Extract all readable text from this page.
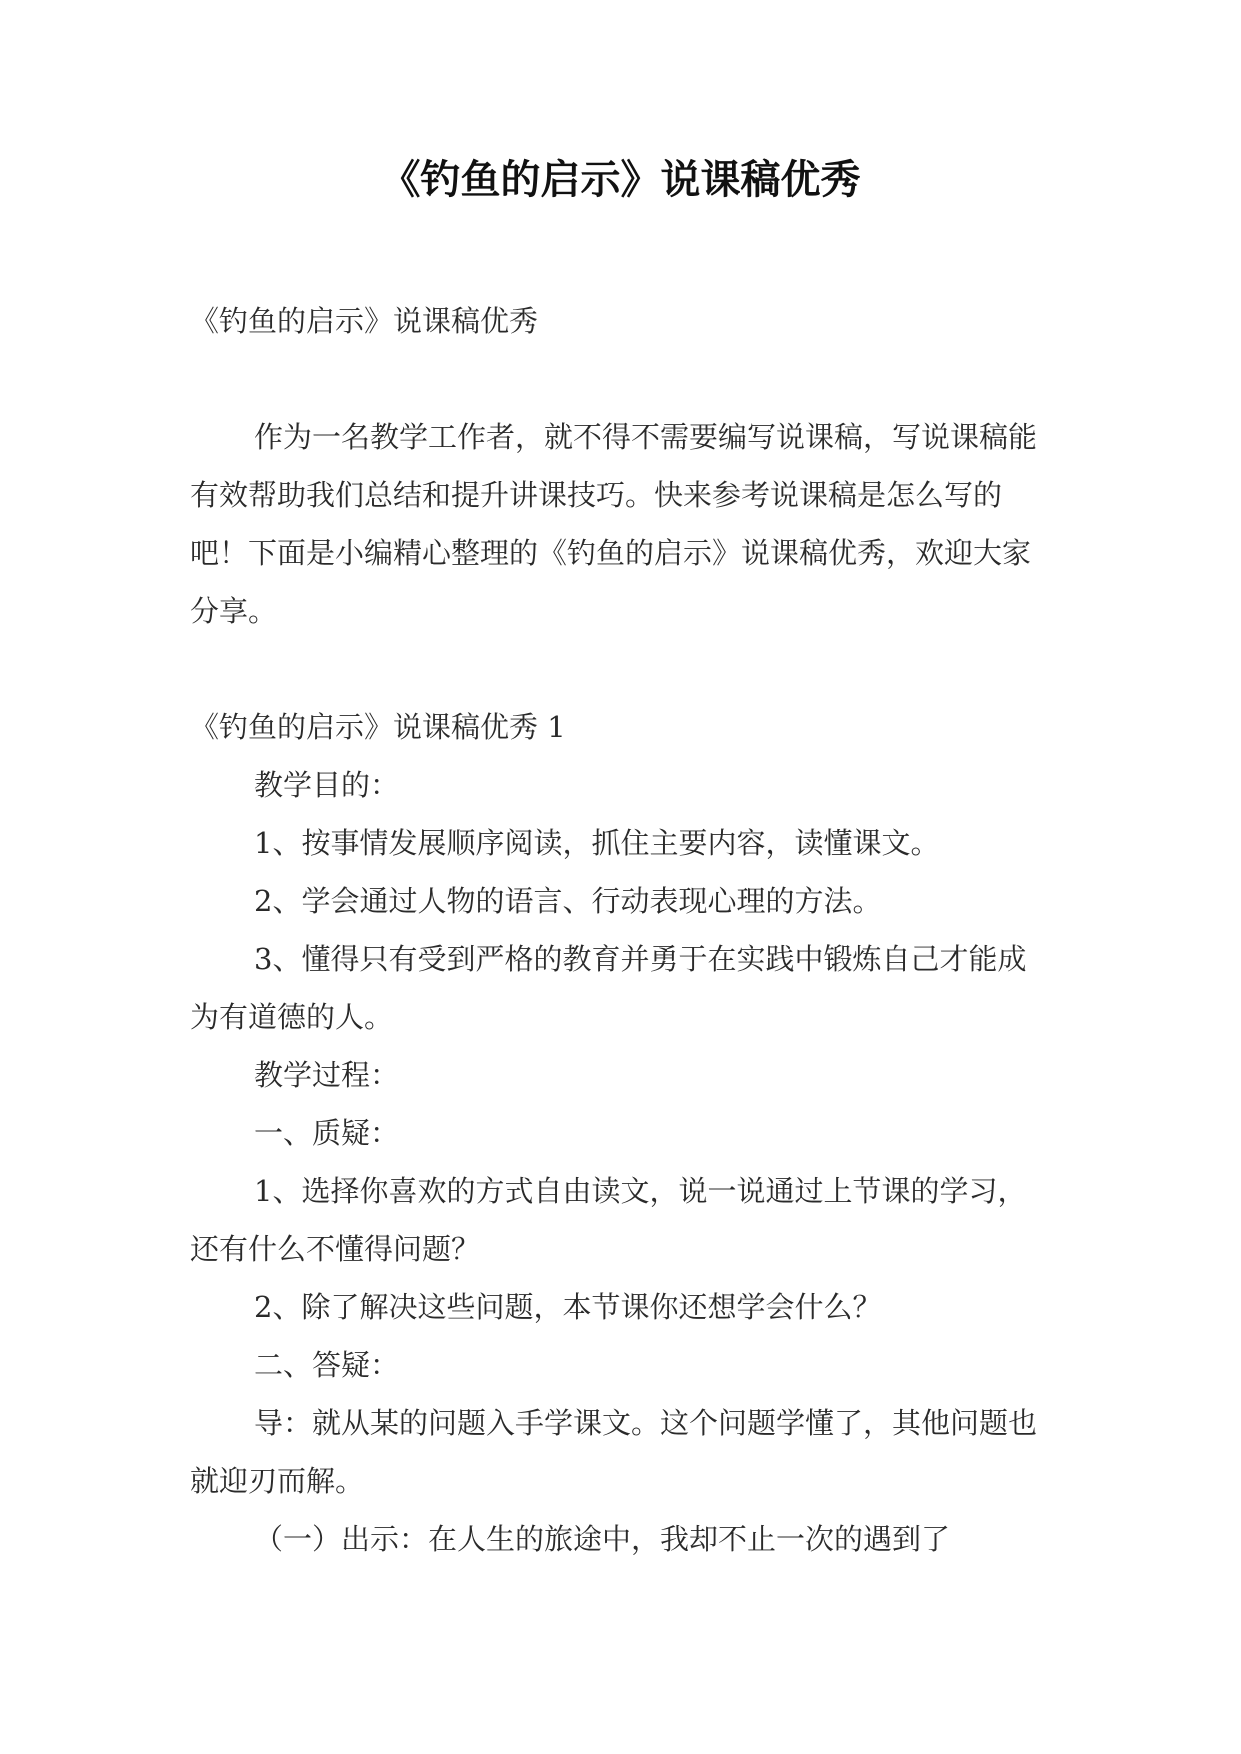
《钓鱼的启示》说课稿优秀

《钓鱼的启示》说课稿优秀

作为一名教学工作者，就不得不需要编写说课稿，写说课稿能有效帮助我们总结和提升讲课技巧。快来参考说课稿是怎么写的吧！下面是小编精心整理的《钓鱼的启示》说课稿优秀，欢迎大家分享。

《钓鱼的启示》说课稿优秀 1

教学目的：

1、按事情发展顺序阅读，抓住主要内容，读懂课文。

2、学会通过人物的语言、行动表现心理的方法。

3、懂得只有受到严格的教育并勇于在实践中锻炼自己才能成为有道德的人。

教学过程：

一、质疑：

1、选择你喜欢的方式自由读文，说一说通过上节课的学习，还有什么不懂得问题？

2、除了解决这些问题，本节课你还想学会什么？

二、答疑：

导：就从某的问题入手学课文。这个问题学懂了，其他问题也就迎刃而解。

（一）出示：在人生的旅途中，我却不止一次的遇到了
